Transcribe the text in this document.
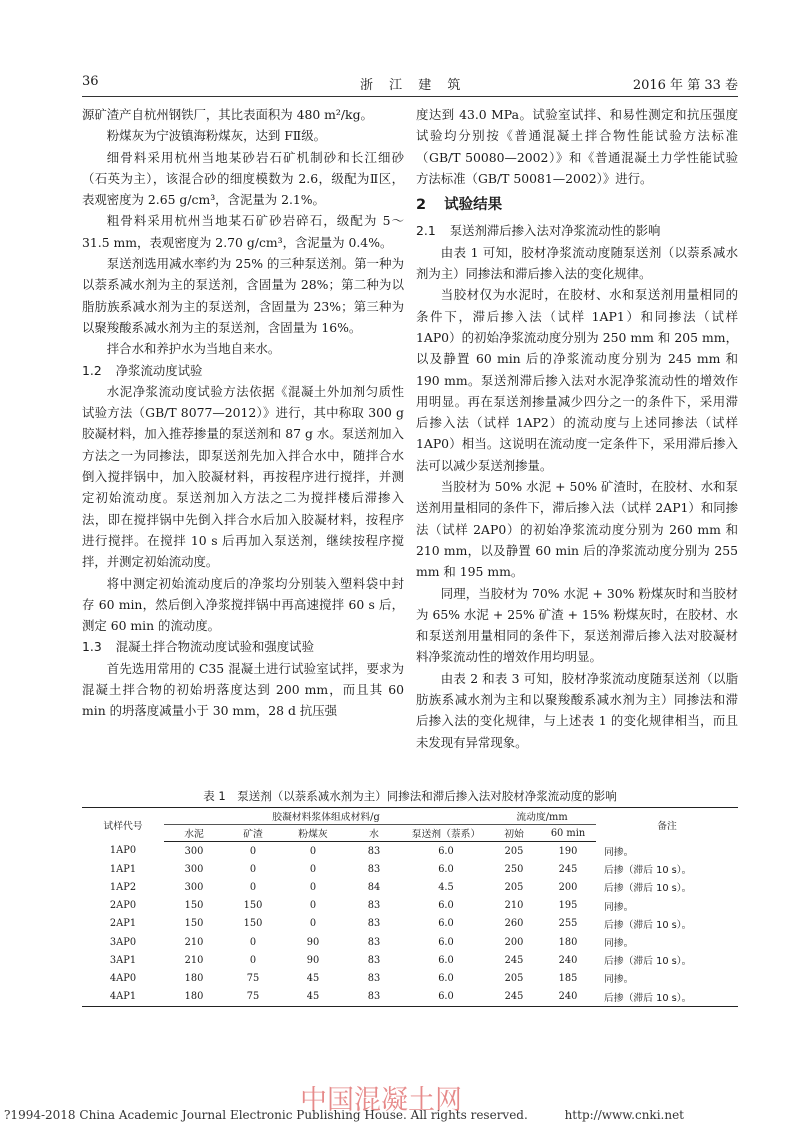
36	浙 江 建 筑	2016 年 第 33 卷

源矿渣产自杭州钢铁厂，其比表面积为 480 m²/kg。

粉煤灰为宁波镇海粉煤灰，达到 FⅡ级。

细骨料采用杭州当地某砂岩石矿机制砂和长江细砂（石英为主），该混合砂的细度模数为 2.6，级配为Ⅱ区，表观密度为 2.65 g/cm³，含泥量为 2.1%。

粗骨料采用杭州当地某石矿砂岩碎石，级配为 5～31.5 mm，表观密度为 2.70 g/cm³，含泥量为 0.4%。

泵送剂选用减水率约为 25% 的三种泵送剂。第一种为以萘系减水剂为主的泵送剂，含固量为 28%；第二种为以脂肪族系减水剂为主的泵送剂，含固量为 23%；第三种为以聚羧酸系减水剂为主的泵送剂，含固量为 16%。

拌合水和养护水为当地自来水。

1.2 净浆流动度试验

水泥净浆流动度试验方法依据《混凝土外加剂匀质性试验方法（GB/T 8077—2012）》进行，其中称取 300 g 胶凝材料，加入推荐掺量的泵送剂和 87 g 水。泵送剂加入方法之一为同掺法，即泵送剂先加入拌合水中，随拌合水倒入搅拌锅中，加入胶凝材料，再按程序进行搅拌，并测定初始流动度。泵送剂加入方法之二为搅拌楼后滞掺入法，即在搅拌锅中先倒入拌合水后加入胶凝材料，按程序进行搅拌。在搅拌 10 s 后再加入泵送剂，继续按程序搅拌，并测定初始流动度。

将中测定初始流动度后的净浆均分别装入塑料袋中封存 60 min，然后倒入净浆搅拌锅中再高速搅拌 60 s 后，测定 60 min 的流动度。

1.3 混凝土拌合物流动度试验和强度试验

首先选用常用的 C35 混凝土进行试验室试拌，要求为混凝土拌合物的初始坍落度达到 200 mm，而且其 60 min 的坍落度减量小于 30 mm，28 d 抗压强

度达到 43.0 MPa。试验室试拌、和易性测定和抗压强度试验均分别按《普通混凝土拌合物性能试验方法标准（GB/T 50080—2002）》和《普通混凝土力学性能试验方法标准（GB/T 50081—2002）》进行。

2 试验结果
2.1 泵送剂滞后掺入法对净浆流动性的影响

由表 1 可知，胶材净浆流动度随泵送剂（以萘系减水剂为主）同掺法和滞后掺入法的变化规律。

当胶材仅为水泥时，在胶材、水和泵送剂用量相同的条件下，滞后掺入法（试样 1AP1）和同掺法（试样 1AP0）的初始净浆流动度分别为 250 mm 和 205 mm，以及静置 60 min 后的净浆流动度分别为 245 mm 和 190 mm。泵送剂滞后掺入法对水泥净浆流动性的增效作用明显。再在泵送剂掺量减少四分之一的条件下，采用滞后掺入法（试样 1AP2）的流动度与上述同掺法（试样 1AP0）相当。这说明在流动度一定条件下，采用滞后掺入法可以减少泵送剂掺量。

当胶材为 50% 水泥 + 50% 矿渣时，在胶材、水和泵送剂用量相同的条件下，滞后掺入法（试样 2AP1）和同掺法（试样 2AP0）的初始净浆流动度分别为 260 mm 和 210 mm，以及静置 60 min 后的净浆流动度分别为 255 mm 和 195 mm。

同理，当胶材为 70% 水泥 + 30% 粉煤灰时和当胶材为 65% 水泥 + 25% 矿渣 + 15% 粉煤灰时，在胶材、水和泵送剂用量相同的条件下，泵送剂滞后掺入法对胶凝材料净浆流动性的增效作用均明显。

由表 2 和表 3 可知，胶材净浆流动度随泵送剂（以脂肪族系减水剂为主和以聚羧酸系减水剂为主）同掺法和滞后掺入法的变化规律，与上述表 1 的变化规律相当，而且未发现有异常现象。

表 1　泵送剂（以萘系减水剂为主）同掺法和滞后掺入法对胶材净浆流动度的影响
试样代号	胶凝材料浆体组成材料/g					流动度/mm		备注
	水泥	矿渣	粉煤灰	水	泵送剂（萘系）	初始	60 min	
1AP0	300	0	0	83	6.0	205	190	同掺。
1AP1	300	0	0	83	6.0	250	245	后掺（滞后 10 s）。
1AP2	300	0	0	84	4.5	205	200	后掺（滞后 10 s）。
2AP0	150	150	0	83	6.0	210	195	同掺。
2AP1	150	150	0	83	6.0	260	255	后掺（滞后 10 s）。
3AP0	210	0	90	83	6.0	200	180	同掺。
3AP1	210	0	90	83	6.0	245	240	后掺（滞后 10 s）。
4AP0	180	75	45	83	6.0	205	185	同掺。
4AP1	180	75	45	83	6.0	245	240	后掺（滞后 10 s）。
中国混凝土网
?1994-2018 China Academic Journal Electronic Publishing House. All rights reserved.	http://www.cnki.net
